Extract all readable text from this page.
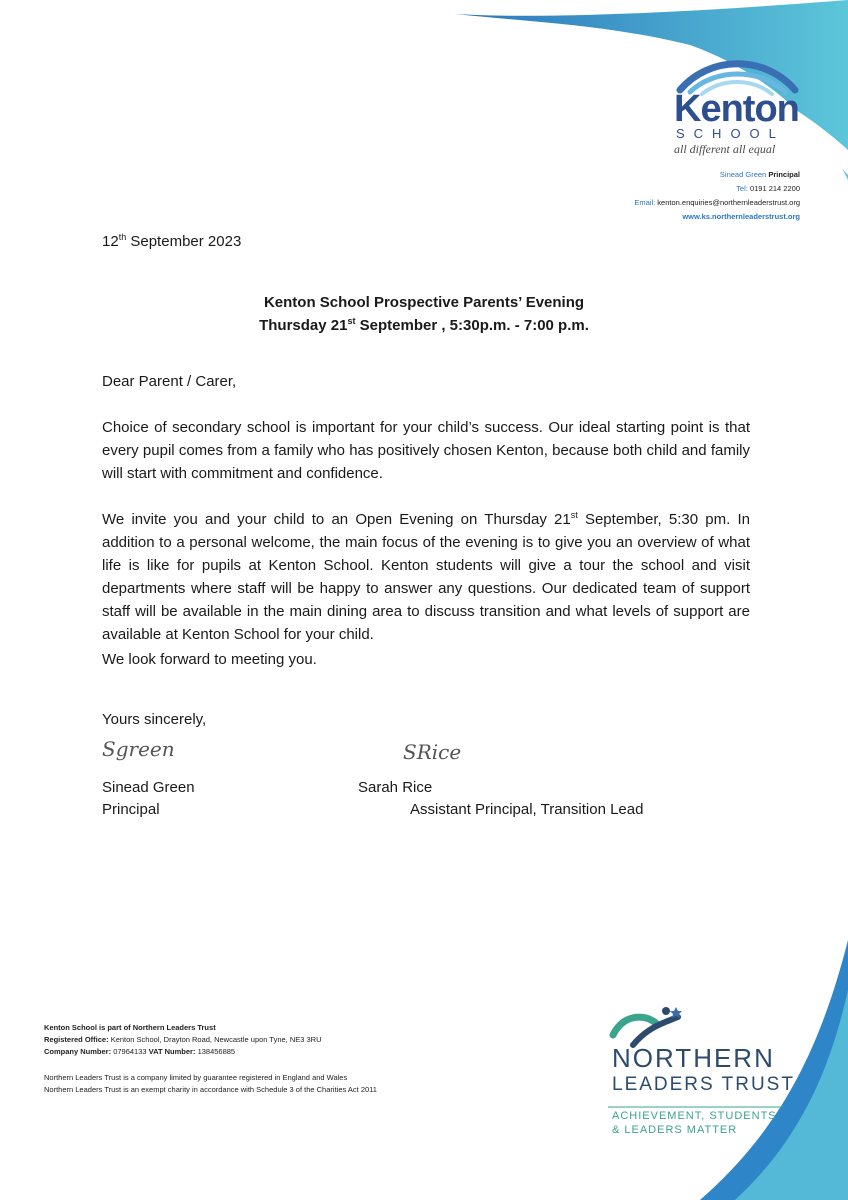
Kenton
SCHOOL
all different all equal
Sinead Green Principal
Tel: 0191 214 2200
Email: kenton.enquiries@northernleaderstrust.org
www.ks.northernleaderstrust.org
12th September 2023
Kenton School Prospective Parents’ Evening
Thursday 21st September , 5:30p.m. - 7:00 p.m.
Dear Parent / Carer,
Choice of secondary school is important for your child’s success. Our ideal starting point is that every pupil comes from a family who has positively chosen Kenton, because both child and family will start with commitment and confidence.
We invite you and your child to an Open Evening on Thursday 21st September, 5:30 pm. In addition to a personal welcome, the main focus of the evening is to give you an overview of what life is like for pupils at Kenton School. Kenton students will give a tour the school and visit departments where staff will be happy to answer any questions. Our dedicated team of support staff will be available in the main dining area to discuss transition and what levels of support are available at Kenton School for your child.
We look forward to meeting you.
Yours sincerely,
Sgreen	SRice
Sinead Green
Principal
Sarah Rice
Assistant Principal, Transition Lead
Kenton School is part of Northern Leaders Trust
Registered Office: Kenton School, Drayton Road, Newcastle upon Tyne, NE3 3RU
Company Number: 07964133 VAT Number: 138456885
Northern Leaders Trust is a company limited by guarantee registered in England and Wales
Northern Leaders Trust is an exempt charity in accordance with Schedule 3 of the Charities Act 2011
NORTHERN
LEADERS TRUST
ACHIEVEMENT, STUDENTS
& LEADERS MATTER
